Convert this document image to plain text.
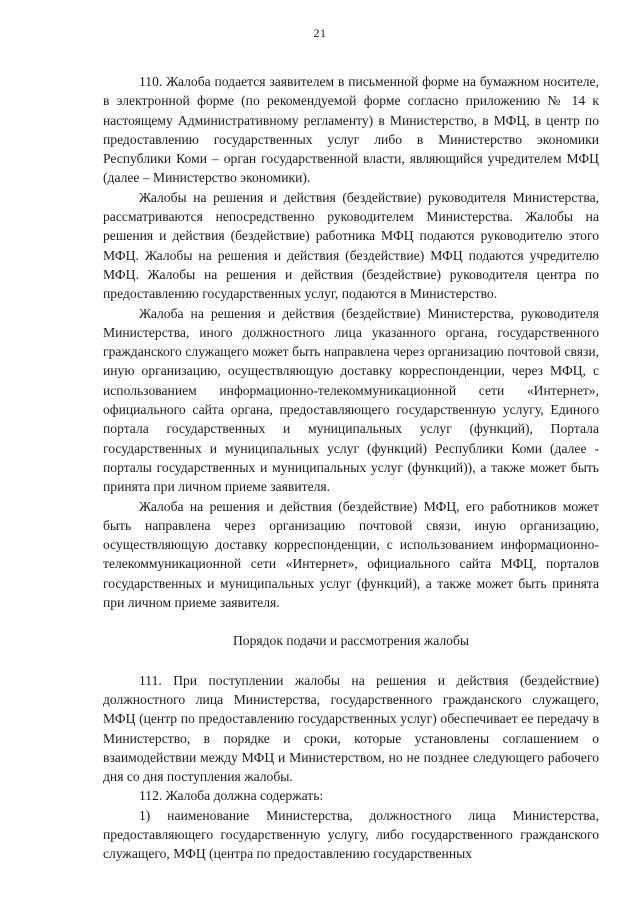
21

110. Жалоба подается заявителем в письменной форме на бумажном носителе, в электронной форме (по рекомендуемой форме согласно приложению № 14 к настоящему Административному регламенту) в Министерство, в МФЦ, в центр по предоставлению государственных услуг либо в Министерство экономики Республики Коми – орган государственной власти, являющийся учредителем МФЦ (далее – Министерство экономики).

Жалобы на решения и действия (бездействие) руководителя Министерства, рассматриваются непосредственно руководителем Министерства. Жалобы на решения и действия (бездействие) работника МФЦ подаются руководителю этого МФЦ. Жалобы на решения и действия (бездействие) МФЦ подаются учредителю МФЦ. Жалобы на решения и действия (бездействие) руководителя центра по предоставлению государственных услуг, подаются в Министерство.

Жалоба на решения и действия (бездействие) Министерства, руководителя Министерства, иного должностного лица указанного органа, государственного гражданского служащего может быть направлена через организацию почтовой связи, иную организацию, осуществляющую доставку корреспонденции, через МФЦ, с использованием информационно-телекоммуникационной сети «Интернет», официального сайта органа, предоставляющего государственную услугу, Единого портала государственных и муниципальных услуг (функций), Портала государственных и муниципальных услуг (функций) Республики Коми (далее - порталы государственных и муниципальных услуг (функций)), а также может быть принята при личном приеме заявителя.

Жалоба на решения и действия (бездействие) МФЦ, его работников может быть направлена через организацию почтовой связи, иную организацию, осуществляющую доставку корреспонденции, с использованием информационно-телекоммуникационной сети «Интернет», официального сайта МФЦ, порталов государственных и муниципальных услуг (функций), а также может быть принята при личном приеме заявителя.

Порядок подачи и рассмотрения жалобы

111. При поступлении жалобы на решения и действия (бездействие) должностного лица Министерства, государственного гражданского служащего, МФЦ (центр по предоставлению государственных услуг) обеспечивает ее передачу в Министерство, в порядке и сроки, которые установлены соглашением о взаимодействии между МФЦ и Министерством, но не позднее следующего рабочего дня со дня поступления жалобы.

112. Жалоба должна содержать:

1) наименование Министерства, должностного лица Министерства, предоставляющего государственную услугу, либо государственного гражданского служащего, МФЦ (центра по предоставлению государственных
